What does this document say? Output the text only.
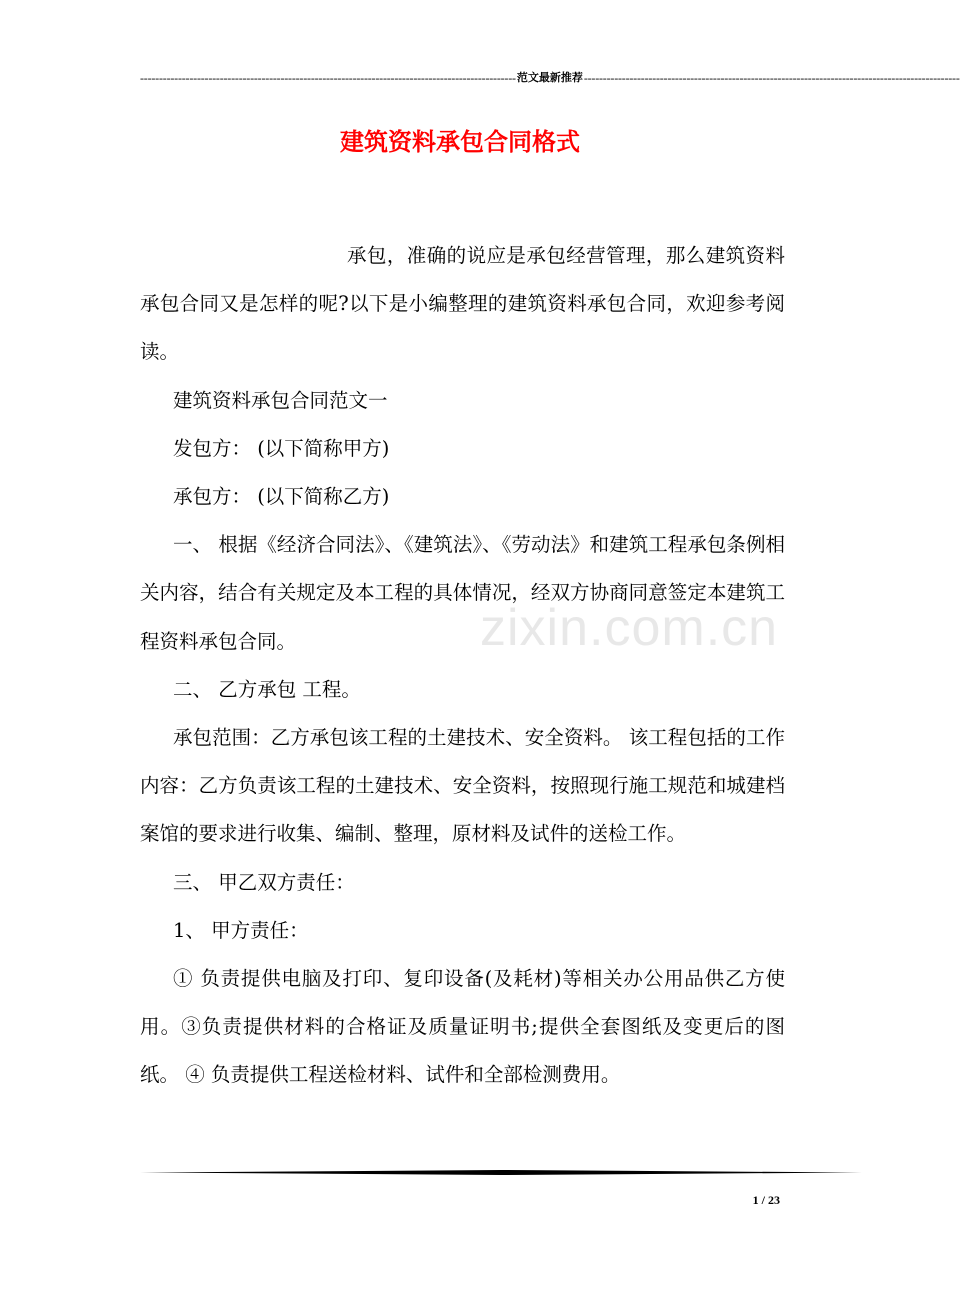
--------------------------------------------------------------------------------------------------- 范文最新推荐 ---------------------------------------------------------------------------------------------------
建筑资料承包合同格式

承包，准确的说应是承包经营管理，那么建筑资料承包合同又是怎样的呢?以下是小编整理的建筑资料承包合同，欢迎参考阅读。

建筑资料承包合同范文一

发包方： (以下简称甲方)

承包方： (以下简称乙方)

一、 根据《经济合同法》、《建筑法》、《劳动法》和建筑工程承包条例相关内容，结合有关规定及本工程的具体情况，经双方协商同意签定本建筑工程资料承包合同。

二、 乙方承包 工程。

承包范围：乙方承包该工程的土建技术、安全资料。 该工程包括的工作内容：乙方负责该工程的土建技术、安全资料，按照现行施工规范和城建档案馆的要求进行收集、编制、整理，原材料及试件的送检工作。

三、 甲乙双方责任：

1、 甲方责任：

① 负责提供电脑及打印、复印设备(及耗材)等相关办公用品供乙方使用。③负责提供材料的合格证及质量证明书;提供全套图纸及变更后的图纸。 ④ 负责提供工程送检材料、试件和全部检测费用。

zixin.com.cn
1 / 23
